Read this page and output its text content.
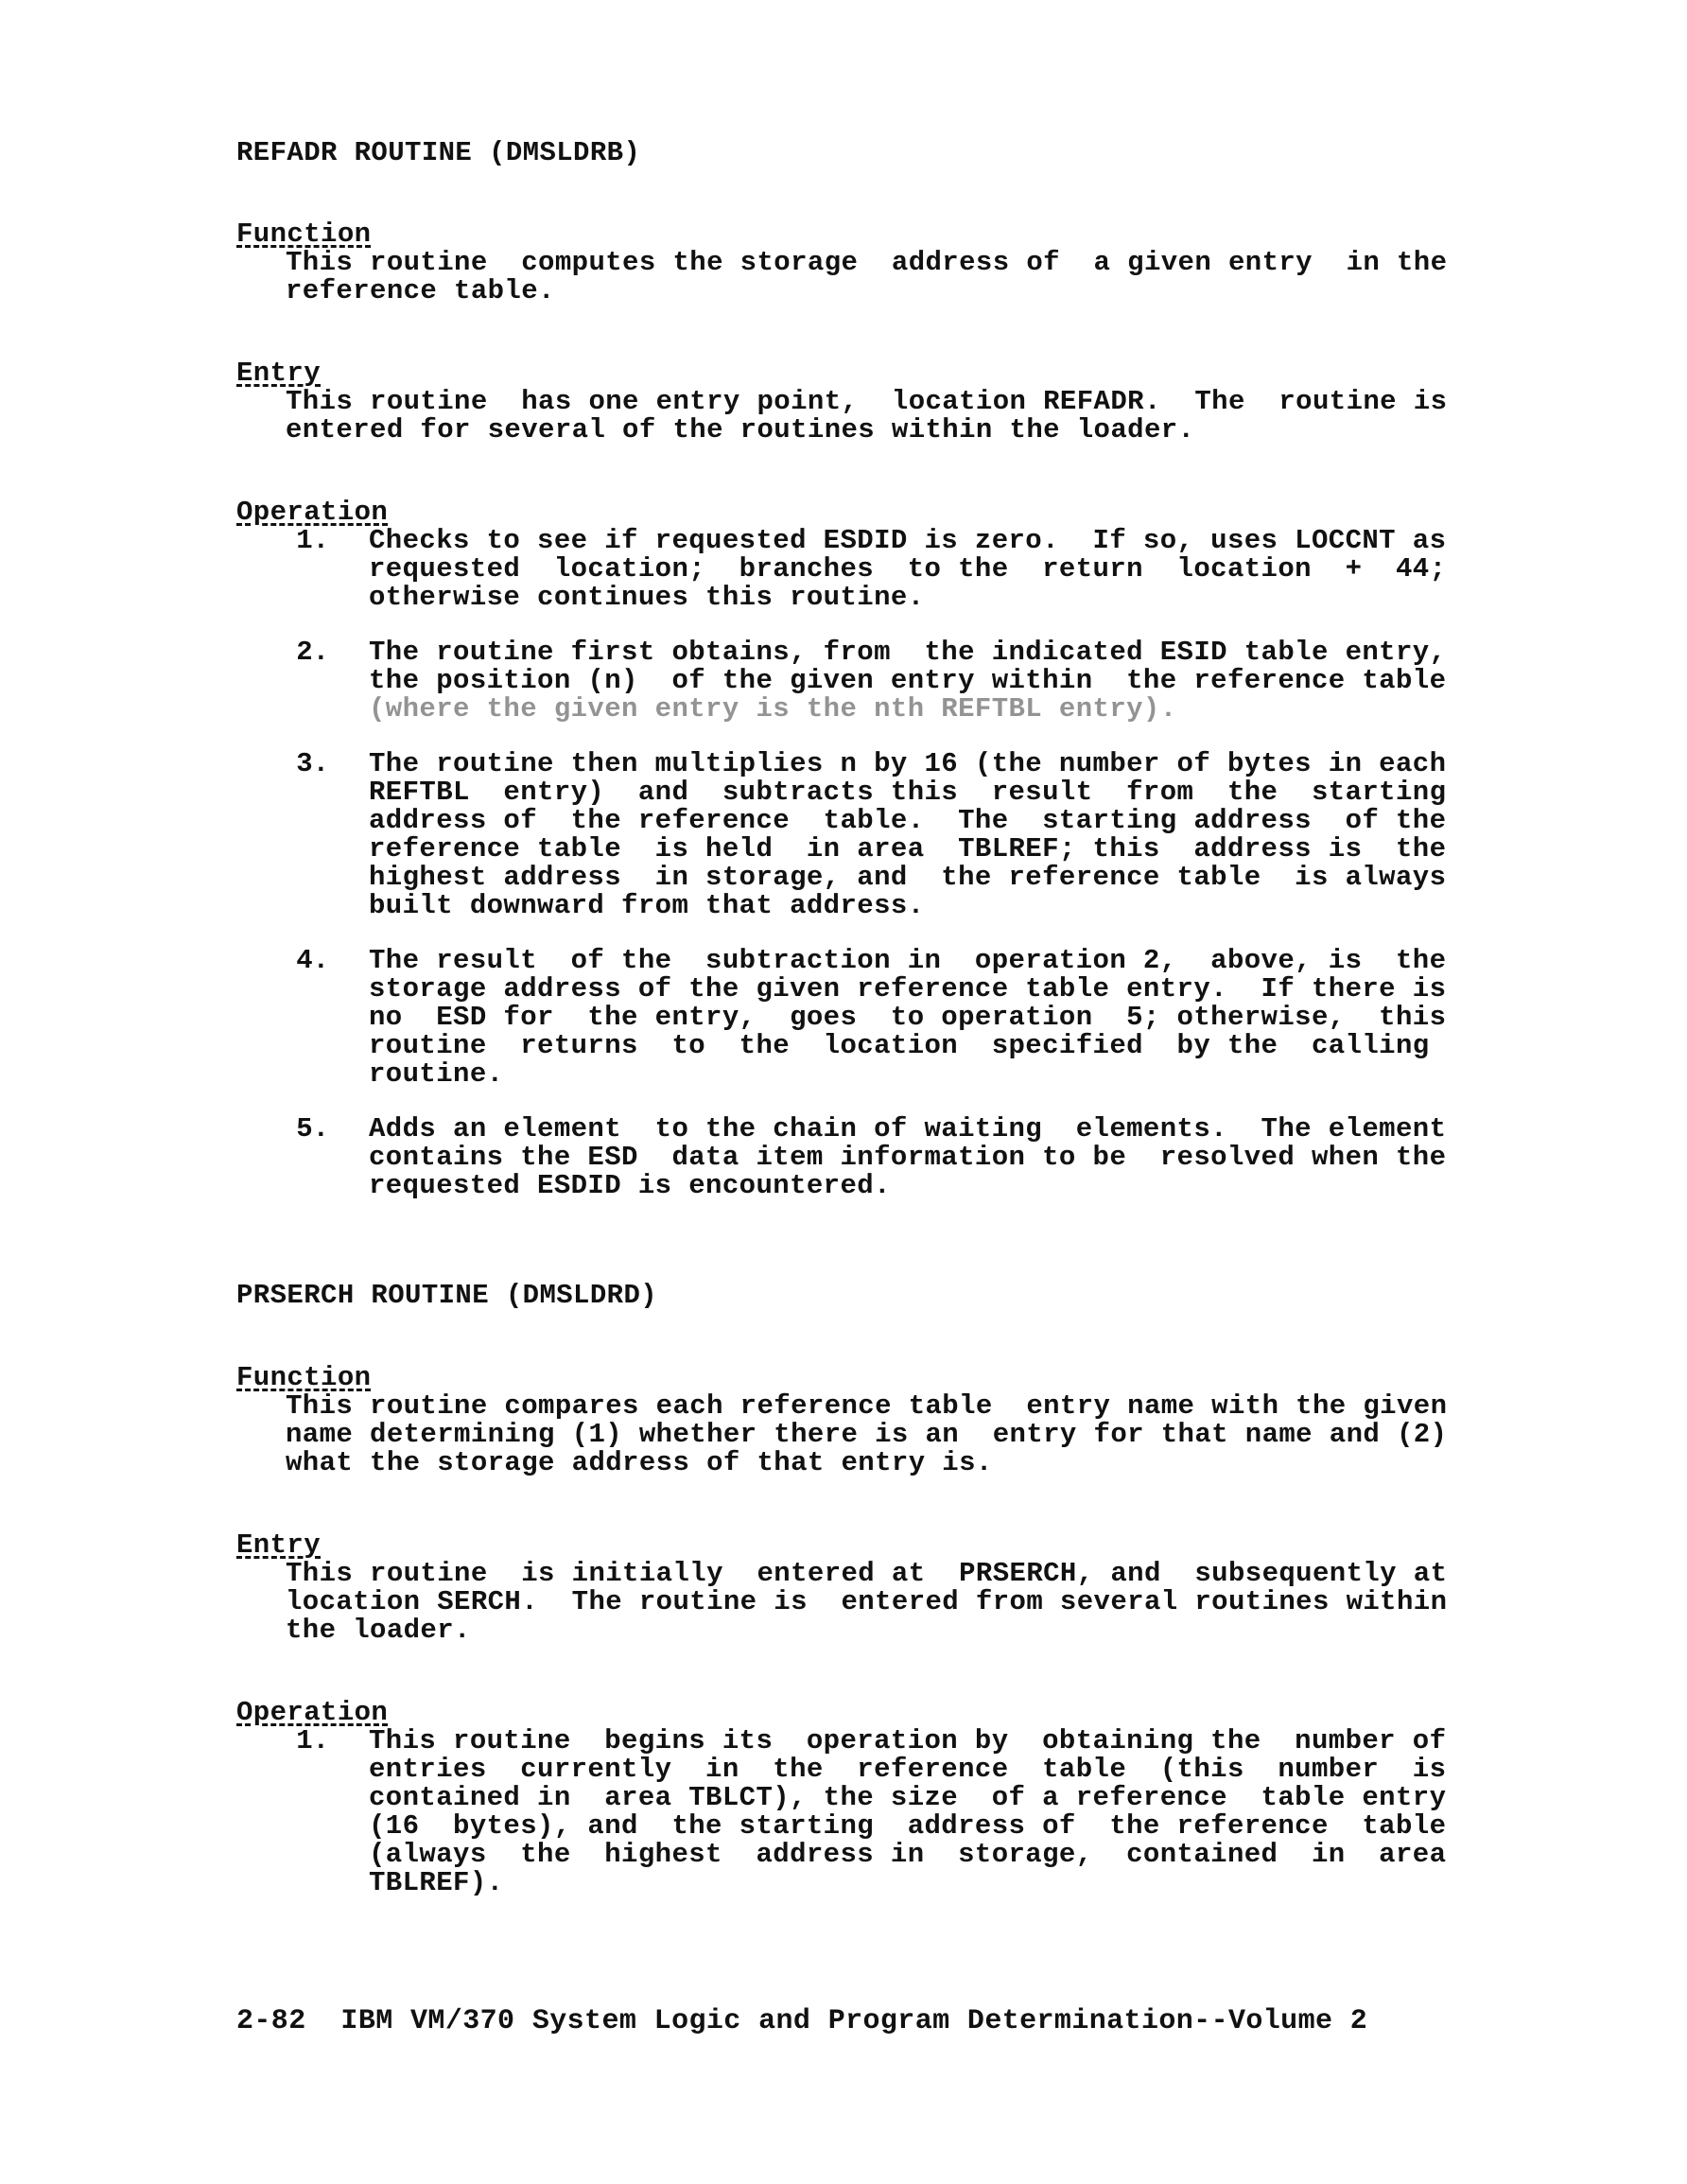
REFADR ROUTINE (DMSLDRB)
Function
This routine  computes the storage  address of  a given entry  in the
reference table.
Entry
This routine  has one entry point,  location REFADR.  The  routine is
entered for several of the routines within the loader.
Operation
1. Checks to see if requested ESDID is zero.  If so, uses LOCCNT as
requested  location;  branches  to the  return  location  +  44;
otherwise continues this routine.
2. The routine first obtains, from  the indicated ESID table entry,
the position (n)  of the given entry within  the reference table
(where the given entry is the nth REFTBL entry).
3. The routine then multiplies n by 16 (the number of bytes in each
REFTBL  entry)  and  subtracts this  result  from  the  starting
address of  the reference  table.  The  starting address  of the
reference table  is held  in area  TBLREF; this  address is  the
highest address  in storage, and  the reference table  is always
built downward from that address.
4. The result  of the  subtraction in  operation 2,  above, is  the
storage address of the given reference table entry.  If there is
no  ESD for  the entry,  goes  to operation  5; otherwise,  this
routine  returns  to  the  location  specified  by the  calling
routine.
5. Adds an element  to the chain of waiting  elements.  The element
contains the ESD  data item information to be  resolved when the
requested ESDID is encountered.
PRSERCH ROUTINE (DMSLDRD)
Function
This routine compares each reference table  entry name with the given
name determining (1) whether there is an  entry for that name and (2)
what the storage address of that entry is.
Entry
This routine  is initially  entered at  PRSERCH, and  subsequently at
location SERCH.  The routine is  entered from several routines within
the loader.
Operation
1. This routine  begins its  operation by  obtaining the  number of
entries  currently  in  the  reference  table  (this  number  is
contained in  area TBLCT), the size  of a reference  table entry
(16  bytes), and  the starting  address of  the reference  table
(always  the  highest  address in  storage,  contained  in  area
TBLREF).
2-82  IBM VM/370 System Logic and Program Determination--Volume 2
